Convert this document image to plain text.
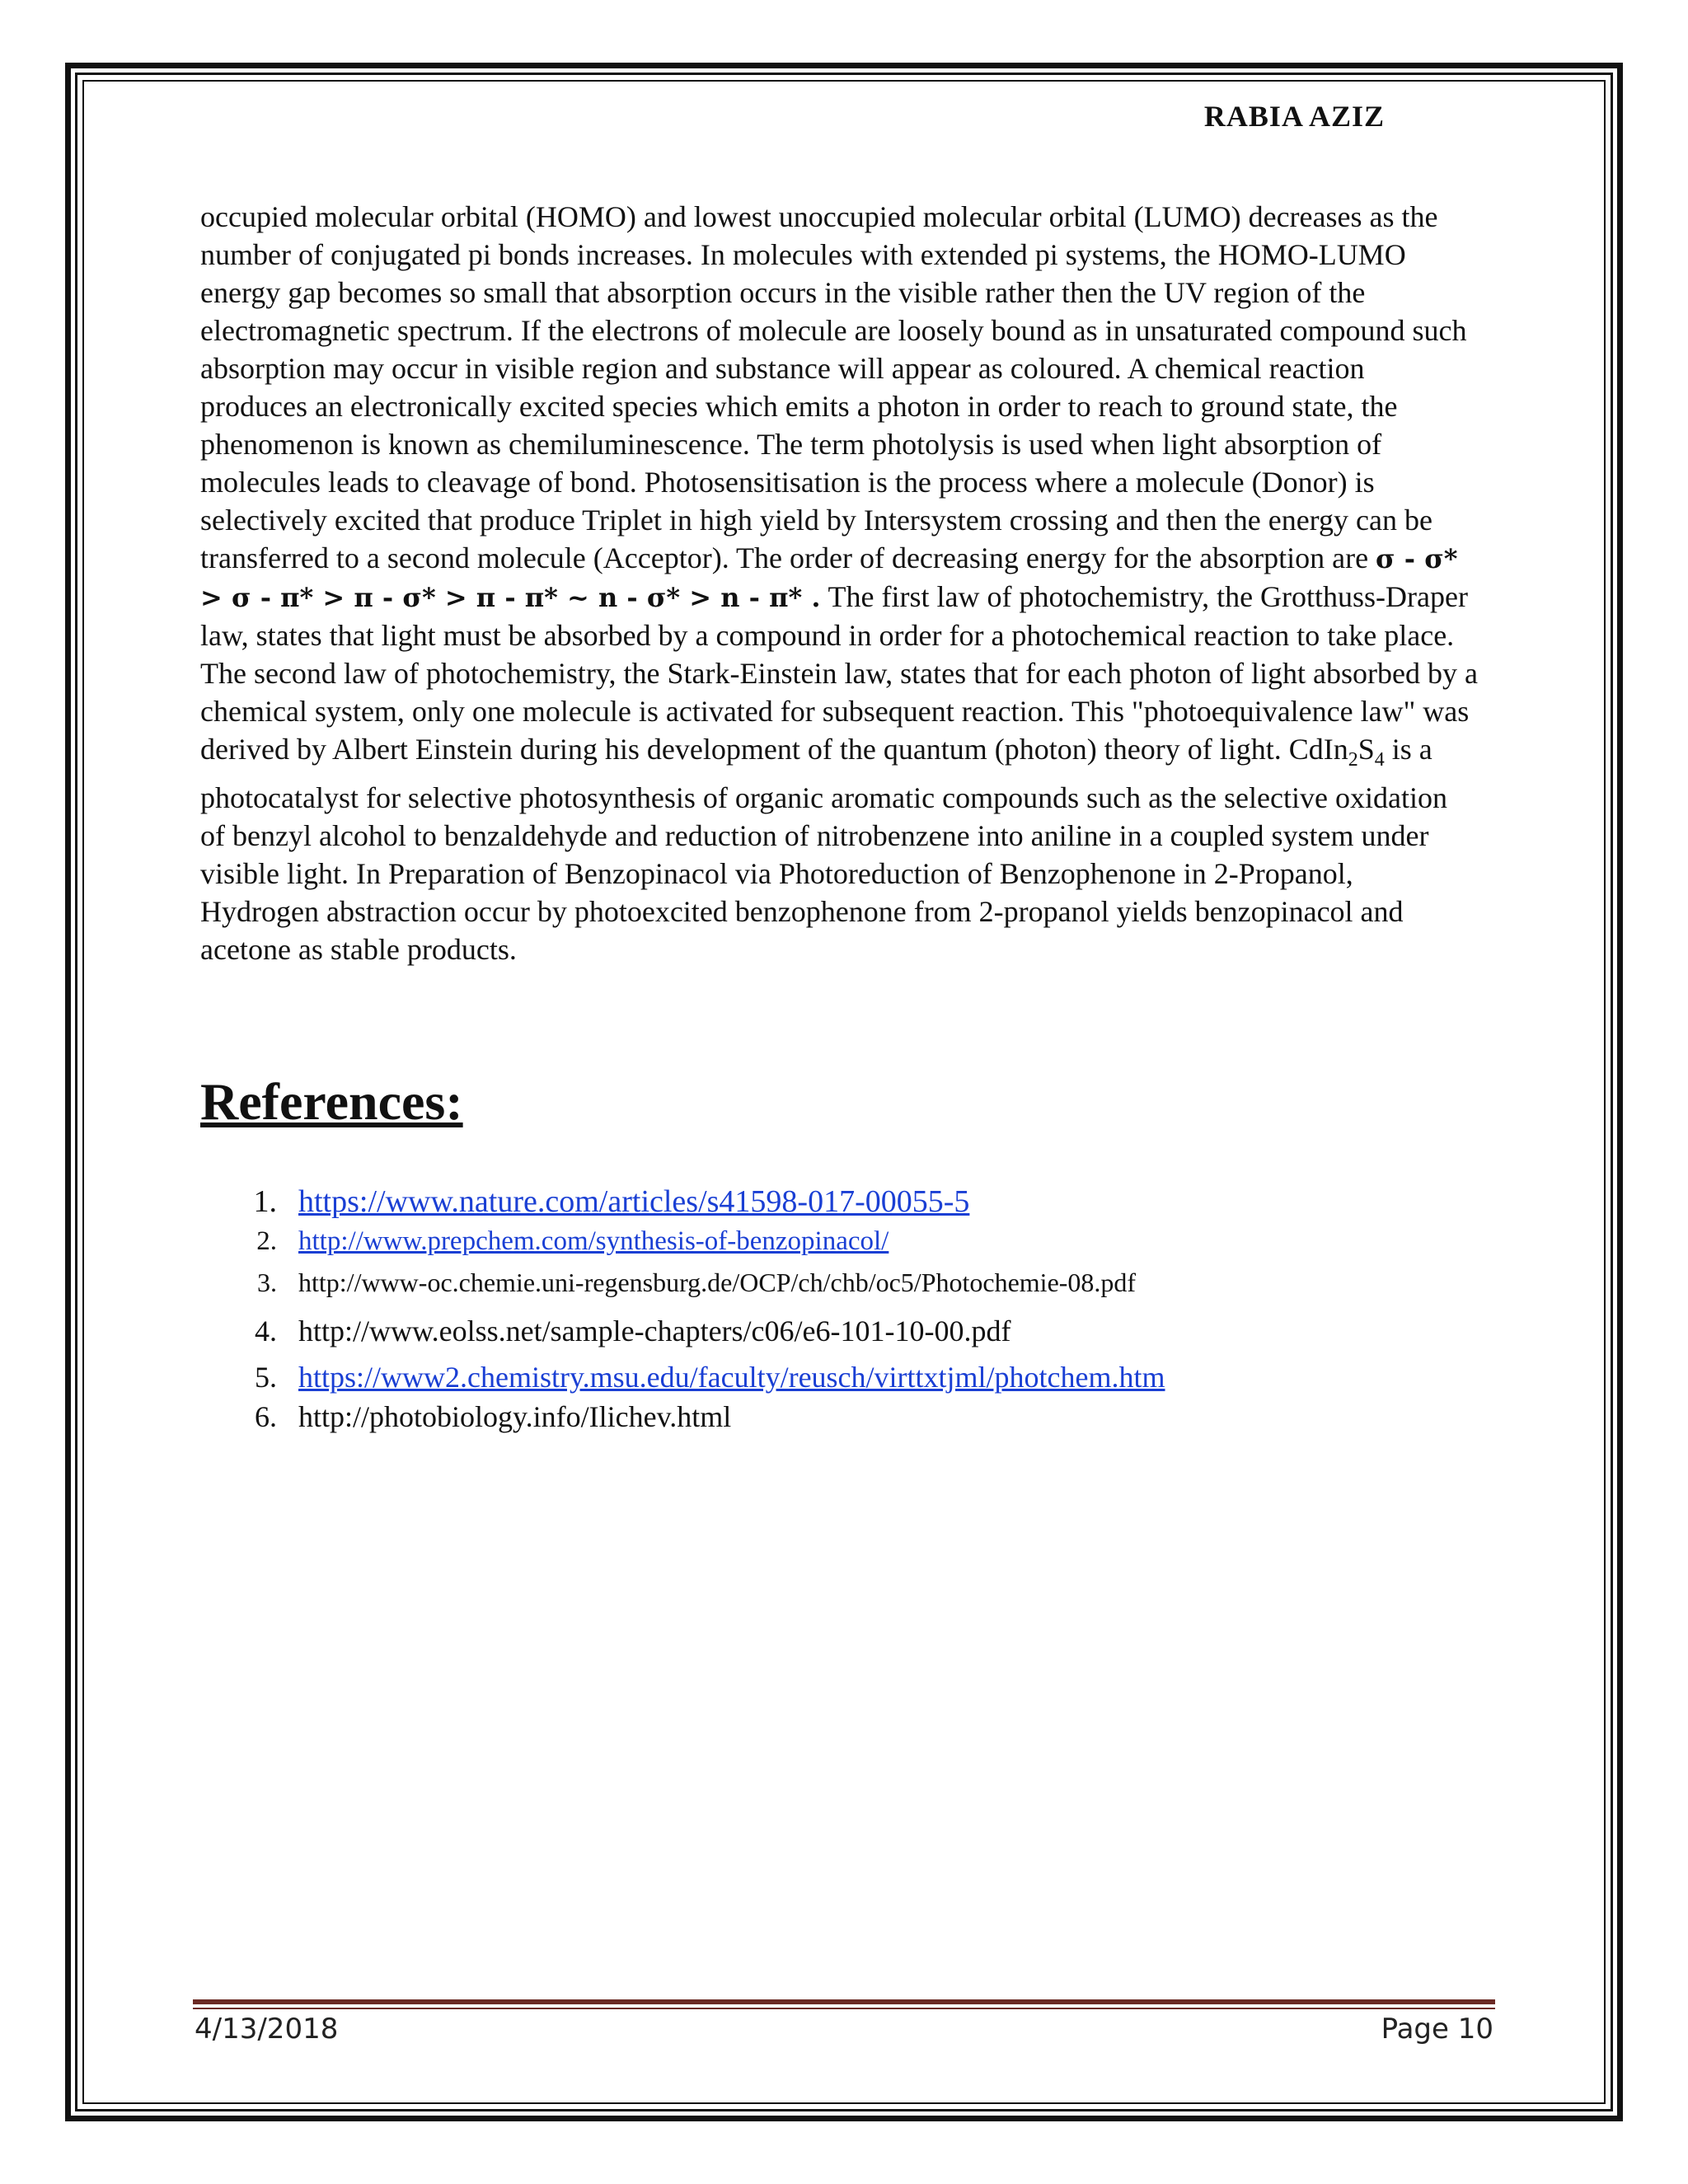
RABIA AZIZ

occupied molecular orbital (HOMO) and lowest unoccupied molecular orbital (LUMO) decreases as the number of conjugated pi bonds increases. In molecules with extended pi systems, the HOMO-LUMO energy gap becomes so small that absorption occurs in the visible rather then the UV region of the electromagnetic spectrum. If the electrons of molecule are loosely bound as in unsaturated compound such absorption may occur in visible region and substance will appear as coloured. A chemical reaction produces an electronically excited species which emits a photon in order to reach to ground state, the phenomenon is known as chemiluminescence. The term photolysis is used when light absorption of molecules leads to cleavage of bond. Photosensitisation is the process where a molecule (Donor) is selectively excited that produce Triplet in high yield by Intersystem crossing and then the energy can be transferred to a second molecule (Acceptor). The order of decreasing energy for the absorption are σ - σ* > σ - π* > π - σ* > π - π* ~ n - σ* > n - π* . The first law of photochemistry, the Grotthuss-Draper law, states that light must be absorbed by a compound in order for a photochemical reaction to take place. The second law of photochemistry, the Stark-Einstein law, states that for each photon of light absorbed by a chemical system, only one molecule is activated for subsequent reaction. This "photoequivalence law" was derived by Albert Einstein during his development of the quantum (photon) theory of light. $CdIn_2S_4$ is a photocatalyst for selective photosynthesis of organic aromatic compounds such as the selective oxidation of benzyl alcohol to benzaldehyde and reduction of nitrobenzene into aniline in a coupled system under visible light. In Preparation of Benzopinacol via Photoreduction of Benzophenone in 2-Propanol, Hydrogen abstraction occur by photoexcited benzophenone from 2-propanol yields benzopinacol and acetone as stable products.

References:
1. https://www.nature.com/articles/s41598-017-00055-5
2. http://www.prepchem.com/synthesis-of-benzopinacol/
3. http://www-oc.chemie.uni-regensburg.de/OCP/ch/chb/oc5/Photochemie-08.pdf
4. http://www.eolss.net/sample-chapters/c06/e6-101-10-00.pdf
5. https://www2.chemistry.msu.edu/faculty/reusch/virttxtjml/photchem.htm
6. http://photobiology.info/Ilichev.html
4/13/2018	Page 10
